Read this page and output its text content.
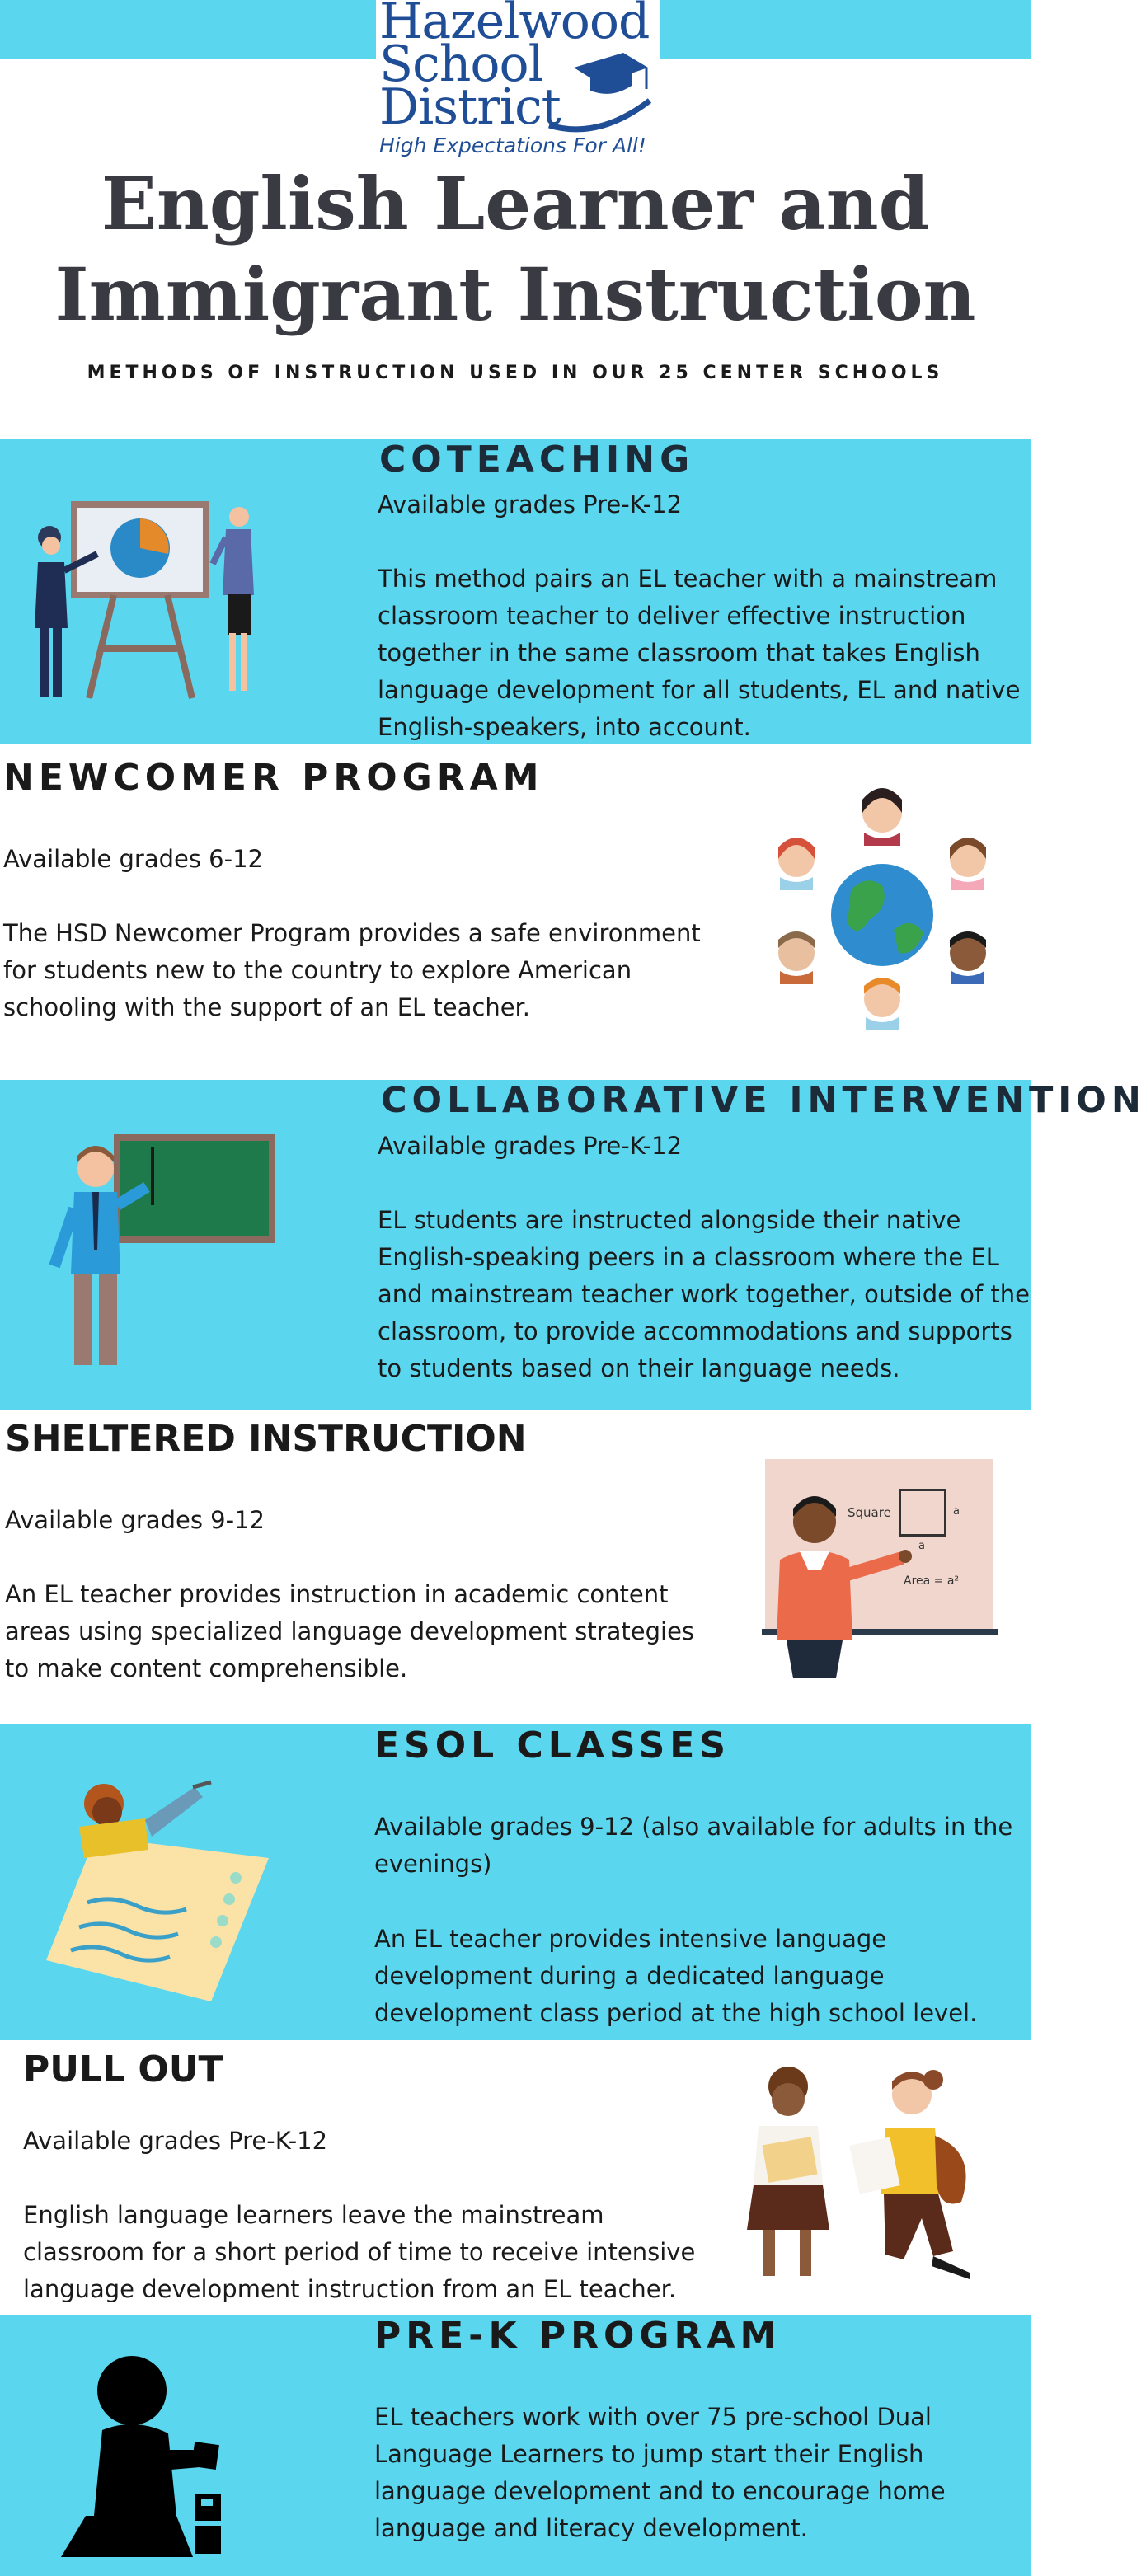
Hazelwood
School
District
High Expectations For All!
English Learner and
Immigrant Instruction
METHODS OF INSTRUCTION USED IN OUR 25 CENTER SCHOOLS
COTEACHING
Available grades Pre-K-12
This method pairs an EL teacher with a mainstream classroom teacher to deliver effective instruction together in the same classroom that takes English language development for all students, EL and native English-speakers, into account.
NEWCOMER PROGRAM
Available grades 6-12
The HSD Newcomer Program provides a safe environment for students new to the country to explore American schooling with the support of an EL teacher.
COLLABORATIVE INTERVENTION
Available grades Pre-K-12
EL students are instructed alongside their native English-speaking peers in a classroom where the EL and mainstream teacher work together, outside of the classroom, to provide accommodations and supports to students based on their language needs.
SHELTERED INSTRUCTION
Available grades 9-12
An EL teacher provides instruction in academic content areas using specialized language development strategies to make content comprehensible.
Square	a
a
Area = a²
ESOL CLASSES
Available grades 9-12 (also available for adults in the evenings)
An EL teacher provides intensive language development during a dedicated language development class period at the high school level.
PULL OUT
Available grades Pre-K-12
English language learners leave the mainstream classroom for a short period of time to receive intensive language development instruction from an EL teacher.
PRE-K PROGRAM
EL teachers work with over 75 pre-school Dual Language Learners to jump start their English language development and to encourage home language and literacy development.
